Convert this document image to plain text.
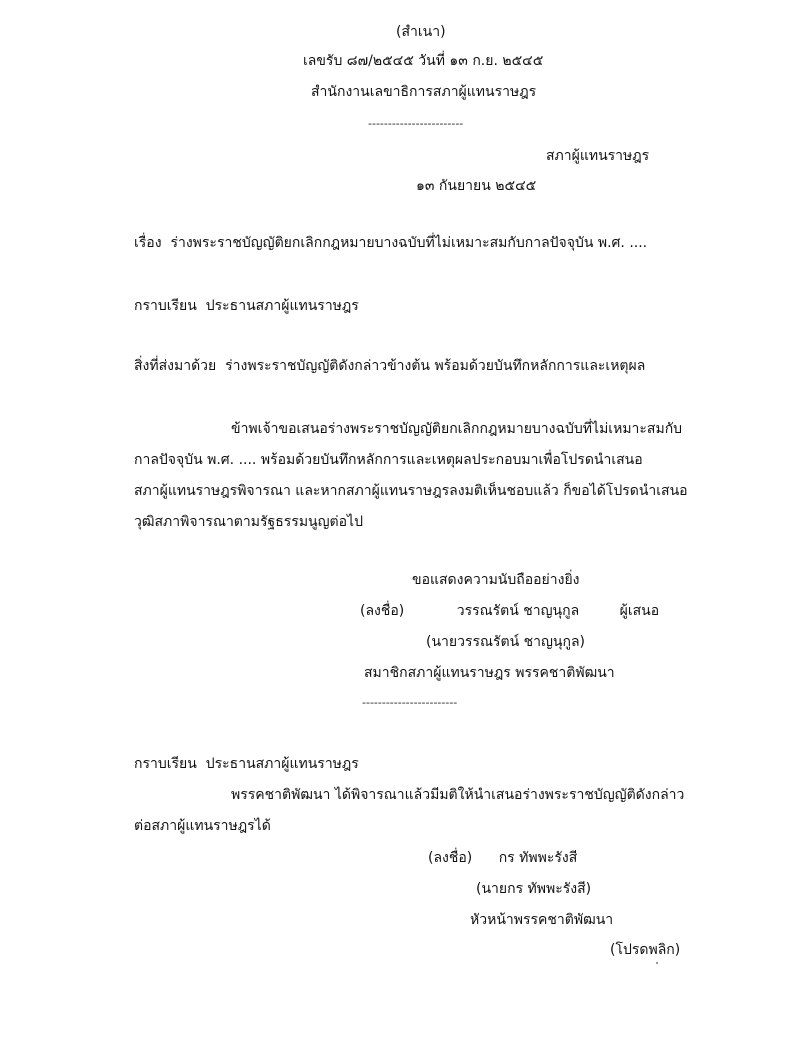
(สำเนา)
เลขรับ ๘๗/๒๕๔๕ วันที่ ๑๓ ก.ย. ๒๕๔๕
สำนักงานเลขาธิการสภาผู้แทนราษฎร
------------------------
สภาผู้แทนราษฎร
๑๓ กันยายน ๒๕๔๕
เรื่อง ร่างพระราชบัญญัติยกเลิกกฎหมายบางฉบับที่ไม่เหมาะสมกับกาลปัจจุบัน พ.ศ. ....
กราบเรียน ประธานสภาผู้แทนราษฎร
สิ่งที่ส่งมาด้วย ร่างพระราชบัญญัติดังกล่าวข้างต้น พร้อมด้วยบันทึกหลักการและเหตุผล
ข้าพเจ้าขอเสนอร่างพระราชบัญญัติยกเลิกกฎหมายบางฉบับที่ไม่เหมาะสมกับ
กาลปัจจุบัน พ.ศ. .... พร้อมด้วยบันทึกหลักการและเหตุผลประกอบมาเพื่อโปรดนำเสนอ
สภาผู้แทนราษฎรพิจารณา และหากสภาผู้แทนราษฎรลงมติเห็นชอบแล้ว ก็ขอได้โปรดนำเสนอ
วุฒิสภาพิจารณาตามรัฐธรรมนูญต่อไป
ขอแสดงความนับถืออย่างยิ่ง
(ลงชื่อ)	วรรณรัตน์ ชาญนุกูล	ผู้เสนอ
(นายวรรณรัตน์ ชาญนุกูล)
สมาชิกสภาผู้แทนราษฎร พรรคชาติพัฒนา
------------------------
กราบเรียน ประธานสภาผู้แทนราษฎร
พรรคชาติพัฒนา ได้พิจารณาแล้วมีมติให้นำเสนอร่างพระราชบัญญัติดังกล่าว
ต่อสภาผู้แทนราษฎรได้
(ลงชื่อ) กร ทัพพะรังสี
(นายกร ทัพพะรังสี)
หัวหน้าพรรคชาติพัฒนา
(โปรดพลิก)
